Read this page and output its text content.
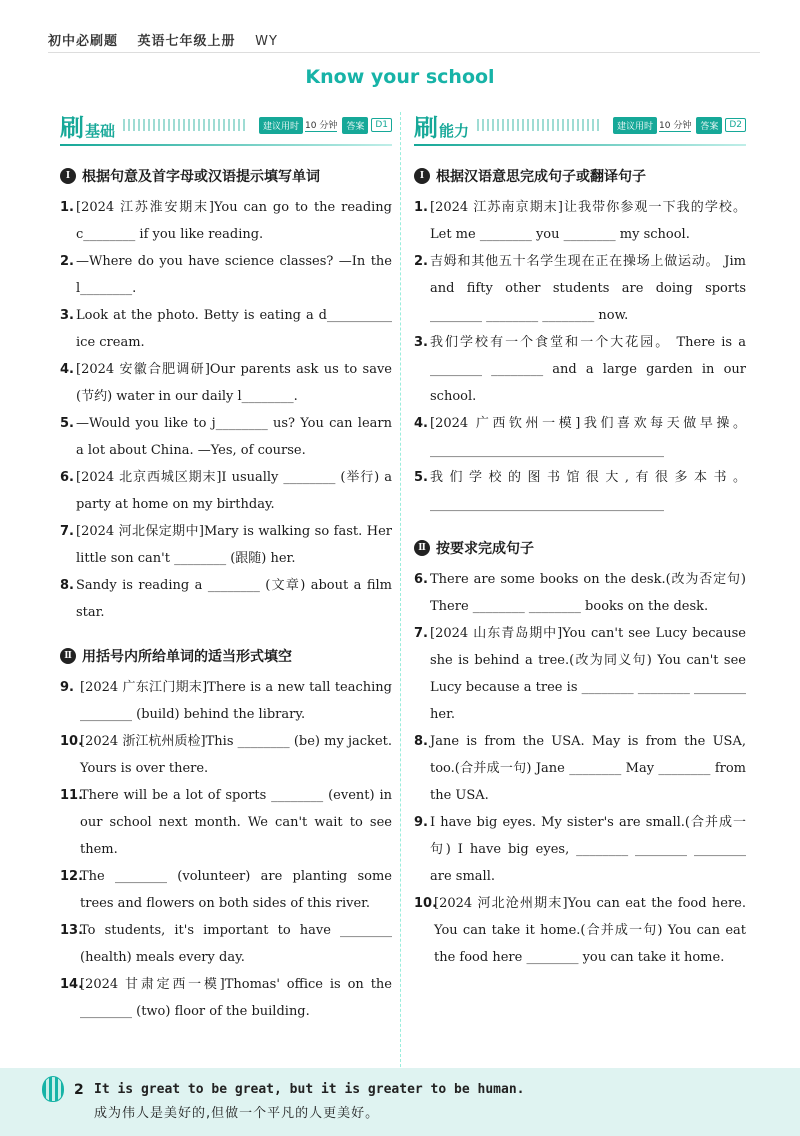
初中必刷题 英语七年级上册 WY
Know your school
刷 基础	建议用时 10 分钟	答案	D1
Ⅰ 根据句意及首字母或汉语提示填写单词
1. [2024 江苏淮安期末]You can go to the reading c________ if you like reading.
2. —Where do you have science classes? —In the l________.
3. Look at the photo. Betty is eating a d__________ ice cream.
4. [2024 安徽合肥调研]Our parents ask us to save (节约) water in our daily l________.
5. —Would you like to j________ us? You can learn a lot about China. —Yes, of course.
6. [2024 北京西城区期末]I usually ________ (举行) a party at home on my birthday.
7. [2024 河北保定期中]Mary is walking so fast. Her little son can't ________ (跟随) her.
8. Sandy is reading a ________ (文章) about a film star.
Ⅱ 用括号内所给单词的适当形式填空
9. [2024 广东江门期末]There is a new tall teaching ________ (build) behind the library.
10.
[2024 浙江杭州质检]This ________ (be) my jacket. Yours is over there.
11.
There will be a lot of sports ________ (event) in our school next month. We can't wait to see them.
12.
The ________ (volunteer) are planting some trees and flowers on both sides of this river.
13.
To students, it's important to have ________ (health) meals every day.
14.
[2024 甘肃定西一模]Thomas' office is on the ________ (two) floor of the building.
刷 能力	建议用时 10 分钟	答案	D2
Ⅰ 根据汉语意思完成句子或翻译句子
1. [2024 江苏南京期末]让我带你参观一下我的学校。 Let me ________ you ________ my school.
2. 吉姆和其他五十名学生现在正在操场上做运动。 Jim and fifty other students are doing sports ________ ________ ________ now.
3. 我们学校有一个食堂和一个大花园。 There is a ________ ________ and a large garden in our school.
4. [2024 广西钦州一模]我们喜欢每天做早操。 ____________________________________
5. 我们学校的图书馆很大,有很多本书。 ____________________________________
Ⅱ 按要求完成句子
6. There are some books on the desk.(改为否定句) There ________ ________ books on the desk.
7. [2024 山东青岛期中]You can't see Lucy because she is behind a tree.(改为同义句) You can't see Lucy because a tree is ________ ________ ________ her.
8. Jane is from the USA. May is from the USA, too.(合并成一句) Jane ________ May ________ from the USA.
9. I have big eyes. My sister's are small.(合并成一句) I have big eyes, ________ ________ ________ are small.
10.
[2024 河北沧州期末]You can eat the food here. You can take it home.(合并成一句) You can eat the food here ________ you can take it home.
2 It is great to be great, but it is greater to be human.
成为伟人是美好的,但做一个平凡的人更美好。
